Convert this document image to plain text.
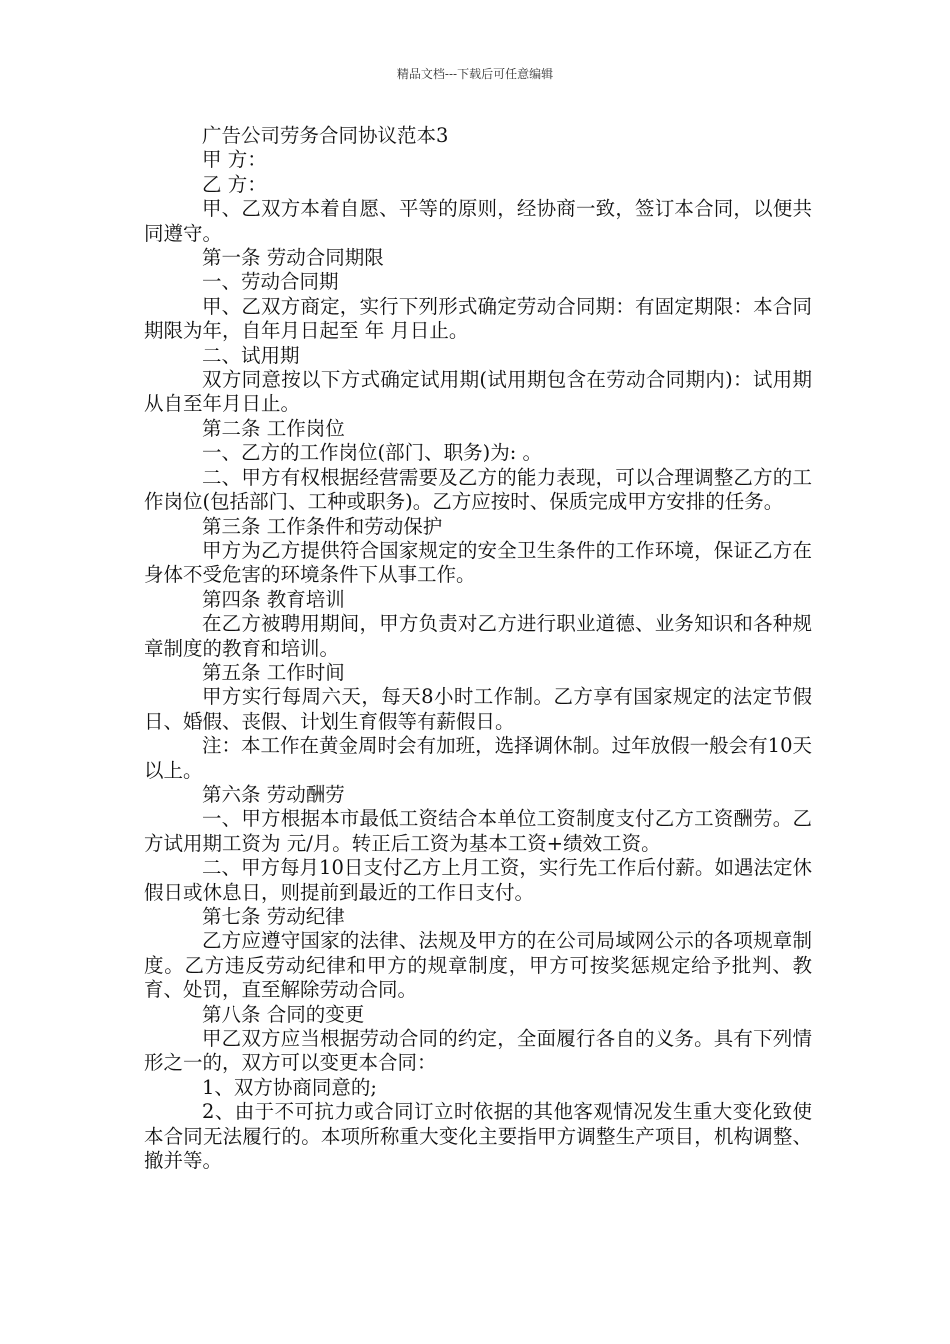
精品文档---下载后可任意编辑

广告公司劳务合同协议范本3

甲 方：

乙 方：

甲、乙双方本着自愿、平等的原则，经协商一致，签订本合同，以便共同遵守。

第一条 劳动合同期限

一、劳动合同期

甲、乙双方商定，实行下列形式确定劳动合同期：有固定期限：本合同期限为年，自年月日起至 年 月日止。

二、试用期

双方同意按以下方式确定试用期(试用期包含在劳动合同期内)：试用期从自至年月日止。

第二条 工作岗位

一、乙方的工作岗位(部门、职务)为: 。

二、甲方有权根据经营需要及乙方的能力表现，可以合理调整乙方的工作岗位(包括部门、工种或职务)。乙方应按时、保质完成甲方安排的任务。

第三条 工作条件和劳动保护

甲方为乙方提供符合国家规定的安全卫生条件的工作环境，保证乙方在身体不受危害的环境条件下从事工作。

第四条 教育培训

在乙方被聘用期间，甲方负责对乙方进行职业道德、业务知识和各种规章制度的教育和培训。

第五条 工作时间

甲方实行每周六天，每天8小时工作制。乙方享有国家规定的法定节假日、婚假、丧假、计划生育假等有薪假日。

注：本工作在黄金周时会有加班，选择调休制。过年放假一般会有10天以上。

第六条 劳动酬劳

一、甲方根据本市最低工资结合本单位工资制度支付乙方工资酬劳。乙方试用期工资为 元/月。转正后工资为基本工资+绩效工资。

二、甲方每月10日支付乙方上月工资，实行先工作后付薪。如遇法定休假日或休息日，则提前到最近的工作日支付。

第七条 劳动纪律

乙方应遵守国家的法律、法规及甲方的在公司局域网公示的各项规章制度。乙方违反劳动纪律和甲方的规章制度，甲方可按奖惩规定给予批判、教育、处罚，直至解除劳动合同。

第八条 合同的变更

甲乙双方应当根据劳动合同的约定，全面履行各自的义务。具有下列情形之一的，双方可以变更本合同：

1、双方协商同意的;

2、由于不可抗力或合同订立时依据的其他客观情况发生重大变化致使本合同无法履行的。本项所称重大变化主要指甲方调整生产项目，机构调整、撤并等。
